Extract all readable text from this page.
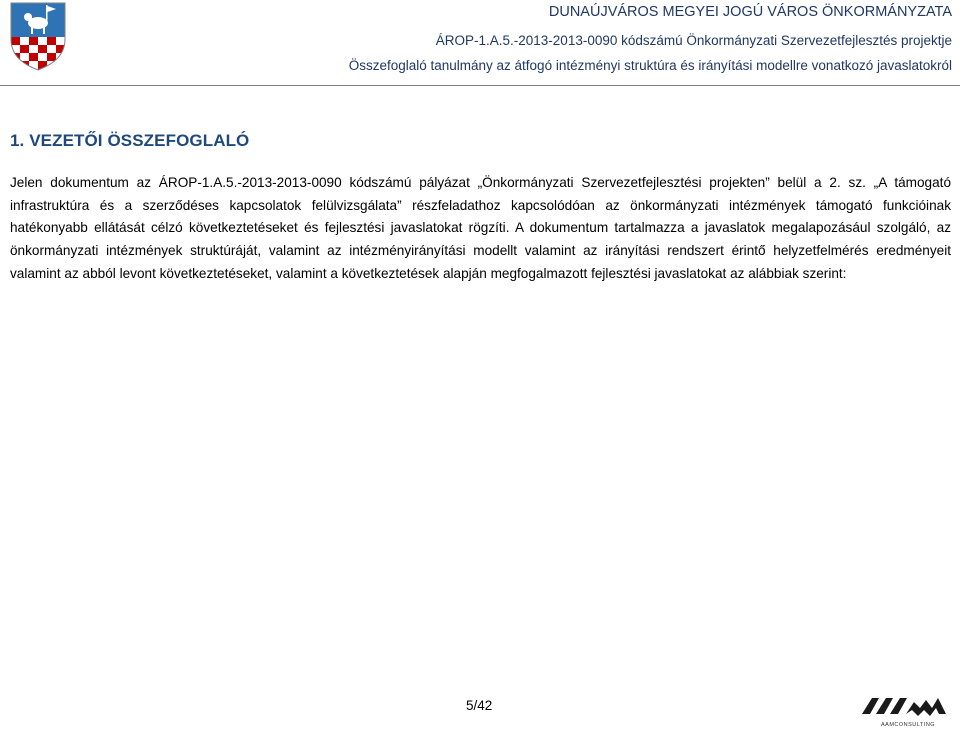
DUNAÚJVÁROS MEGYEI JOGÚ VÁROS ÖNKORMÁNYZATA
ÁROP-1.A.5.-2013-2013-0090 kódszámú Önkormányzati Szervezetfejlesztés projektje
Összefoglaló tanulmány az átfogó intézményi struktúra és irányítási modellre vonatkozó javaslatokról
1. VEZETŐI ÖSSZEFOGLALÓ

Jelen dokumentum az ÁROP-1.A.5.-2013-2013-0090 kódszámú pályázat „Önkormányzati Szervezetfejlesztési projekten” belül a 2. sz. „A támogató infrastruktúra és a szerződéses kapcsolatok felülvizsgálata” részfeladathoz kapcsolódóan az önkormányzati intézmények támogató funkcióinak hatékonyabb ellátását célzó következtetéseket és fejlesztési javaslatokat rögzíti. A dokumentum tartalmazza a javaslatok megalapozásául szolgáló, az önkormányzati intézmények struktúráját, valamint az intézményirányítási modellt valamint az irányítási rendszert érintő helyzetfelmérés eredményeit valamint az abból levont következtetéseket, valamint a következtetések alapján megfogalmazott fejlesztési javaslatokat az alábbiak szerint:

5/42
AAMCONSULTING
